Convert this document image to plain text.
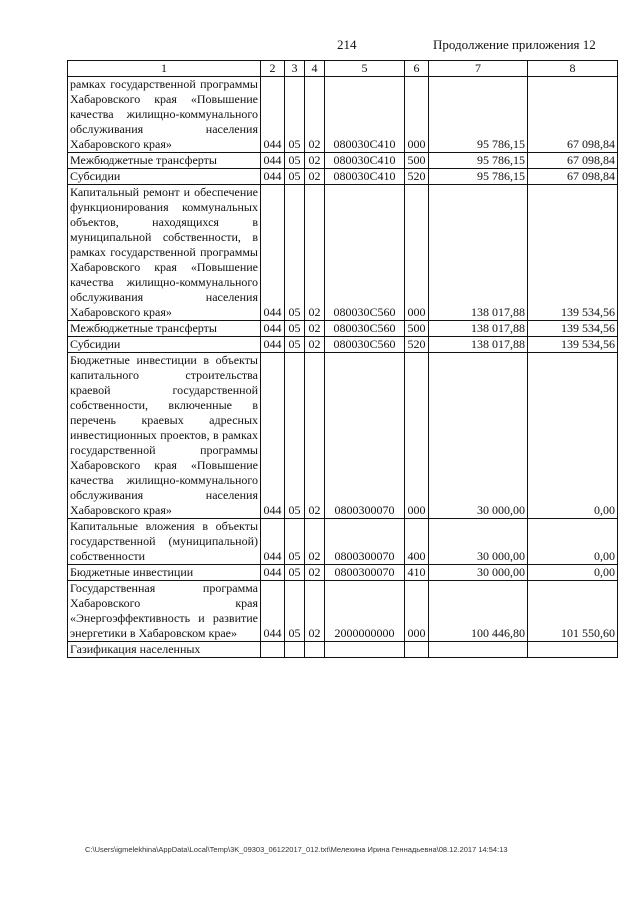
214	Продолжение приложения 12
1	2	3	4	5	6	7	8
рамках государственной программы Хабаровского края «Повышение качества жилищно-коммунального обслуживания населения Хабаровского края»	044	05	02	080030С410	000	95 786,15	67 098,84
Межбюджетные трансферты	044	05	02	080030С410	500	95 786,15	67 098,84
Субсидии	044	05	02	080030С410	520	95 786,15	67 098,84
Капитальный ремонт и обеспечение функционирования коммунальных объектов, находящихся в муниципальной собственности, в рамках государственной программы Хабаровского края «Повышение качества жилищно-коммунального обслуживания населения Хабаровского края»	044	05	02	080030С560	000	138 017,88	139 534,56
Межбюджетные трансферты	044	05	02	080030С560	500	138 017,88	139 534,56
Субсидии	044	05	02	080030С560	520	138 017,88	139 534,56
Бюджетные инвестиции в объекты капитального строительства краевой государственной собственности, включенные в перечень краевых адресных инвестиционных проектов, в рамках государственной программы Хабаровского края «Повышение качества жилищно-коммунального обслуживания населения Хабаровского края»	044	05	02	0800300070	000	30 000,00	0,00
Капитальные вложения в объекты государственной (муниципальной) собственности	044	05	02	0800300070	400	30 000,00	0,00
Бюджетные инвестиции	044	05	02	0800300070	410	30 000,00	0,00
Государственная программа Хабаровского края «Энергоэффективность и развитие энергетики в Хабаровском крае»	044	05	02	2000000000	000	100 446,80	101 550,60
Газификация населенных							
C:\Users\igmelekhina\AppData\Local\Temp\3K_09303_06122017_012.txt\Мелехина Ирина Геннадьевна\08.12.2017 14:54:13
